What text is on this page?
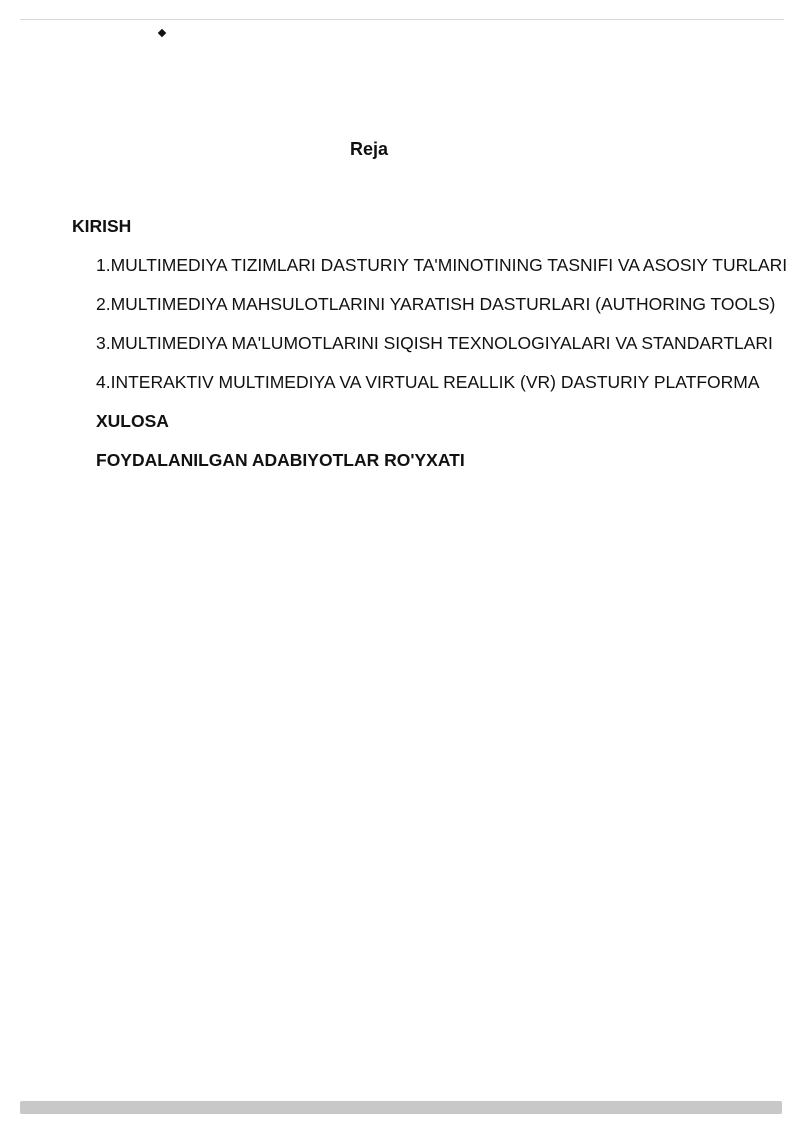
Reja

KIRISH

1.MULTIMEDIYA TIZIMLARI DASTURIY TA'MINOTINING TASNIFI VA ASOSIY TURLARI

2.MULTIMEDIYA MAHSULOTLARINI YARATISH DASTURLARI (AUTHORING TOOLS)

3.MULTIMEDIYA MA'LUMOTLARINI SIQISH TEXNOLOGIYALARI VA STANDARTLARI

4.INTERAKTIV MULTIMEDIYA VA VIRTUAL REALLIK (VR) DASTURIY PLATFORMA

XULOSA

FOYDALANILGAN ADABIYOTLAR RO'YXATI
